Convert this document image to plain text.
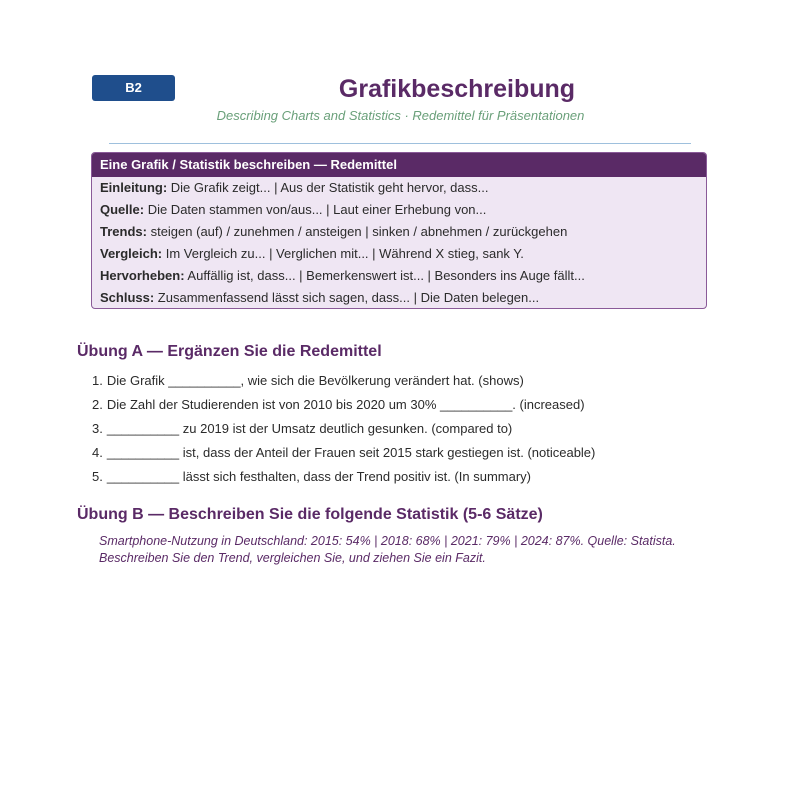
B2	Grafikbeschreibung
Describing Charts and Statistics · Redemittel für Präsentationen
Eine Grafik / Statistik beschreiben — Redemittel
Einleitung: Die Grafik zeigt... | Aus der Statistik geht hervor, dass...
Quelle: Die Daten stammen von/aus... | Laut einer Erhebung von...
Trends: steigen (auf) / zunehmen / ansteigen | sinken / abnehmen / zurückgehen
Vergleich: Im Vergleich zu... | Verglichen mit... | Während X stieg, sank Y.
Hervorheben: Auffällig ist, dass... | Bemerkenswert ist... | Besonders ins Auge fällt...
Schluss: Zusammenfassend lässt sich sagen, dass... | Die Daten belegen...
Übung A — Ergänzen Sie die Redemittel
1. Die Grafik __________, wie sich die Bevölkerung verändert hat. (shows)
2. Die Zahl der Studierenden ist von 2010 bis 2020 um 30% __________. (increased)
3. __________ zu 2019 ist der Umsatz deutlich gesunken. (compared to)
4. __________ ist, dass der Anteil der Frauen seit 2015 stark gestiegen ist. (noticeable)
5. __________ lässt sich festhalten, dass der Trend positiv ist. (In summary)
Übung B — Beschreiben Sie die folgende Statistik (5-6 Sätze)
Smartphone-Nutzung in Deutschland: 2015: 54% | 2018: 68% | 2021: 79% | 2024: 87%. Quelle: Statista.
Beschreiben Sie den Trend, vergleichen Sie, und ziehen Sie ein Fazit.
